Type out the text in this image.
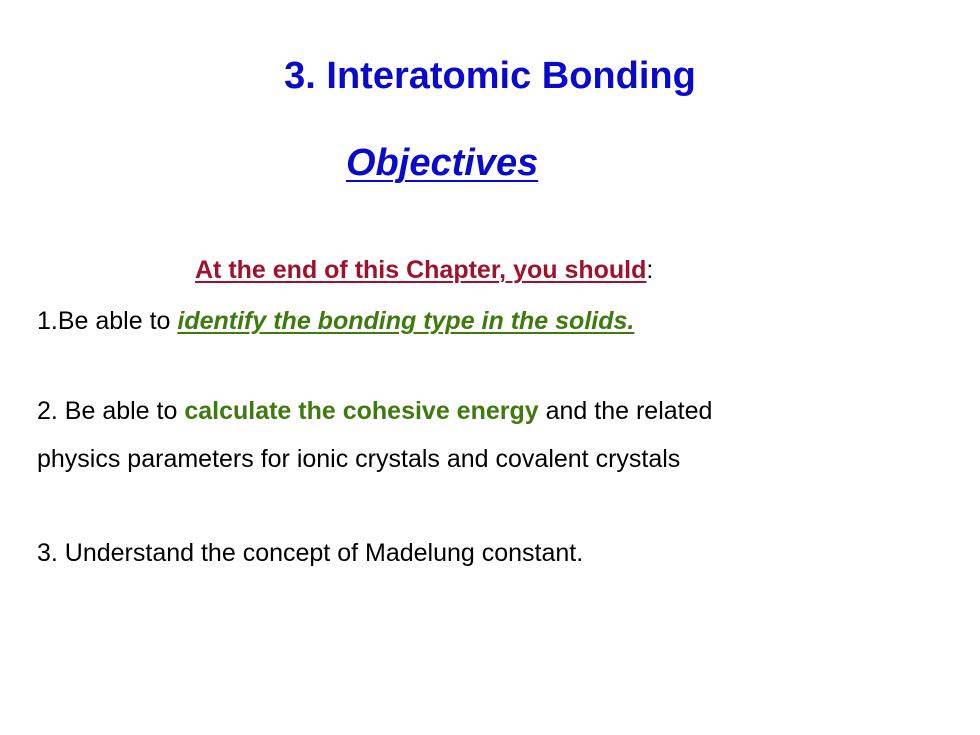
3. Interatomic Bonding
Objectives
At the end of this Chapter, you should:
1.Be able to identify the bonding type in the solids.
2. Be able to calculate the cohesive energy and the related
physics parameters for ionic crystals and covalent crystals
3. Understand the concept of Madelung constant.
